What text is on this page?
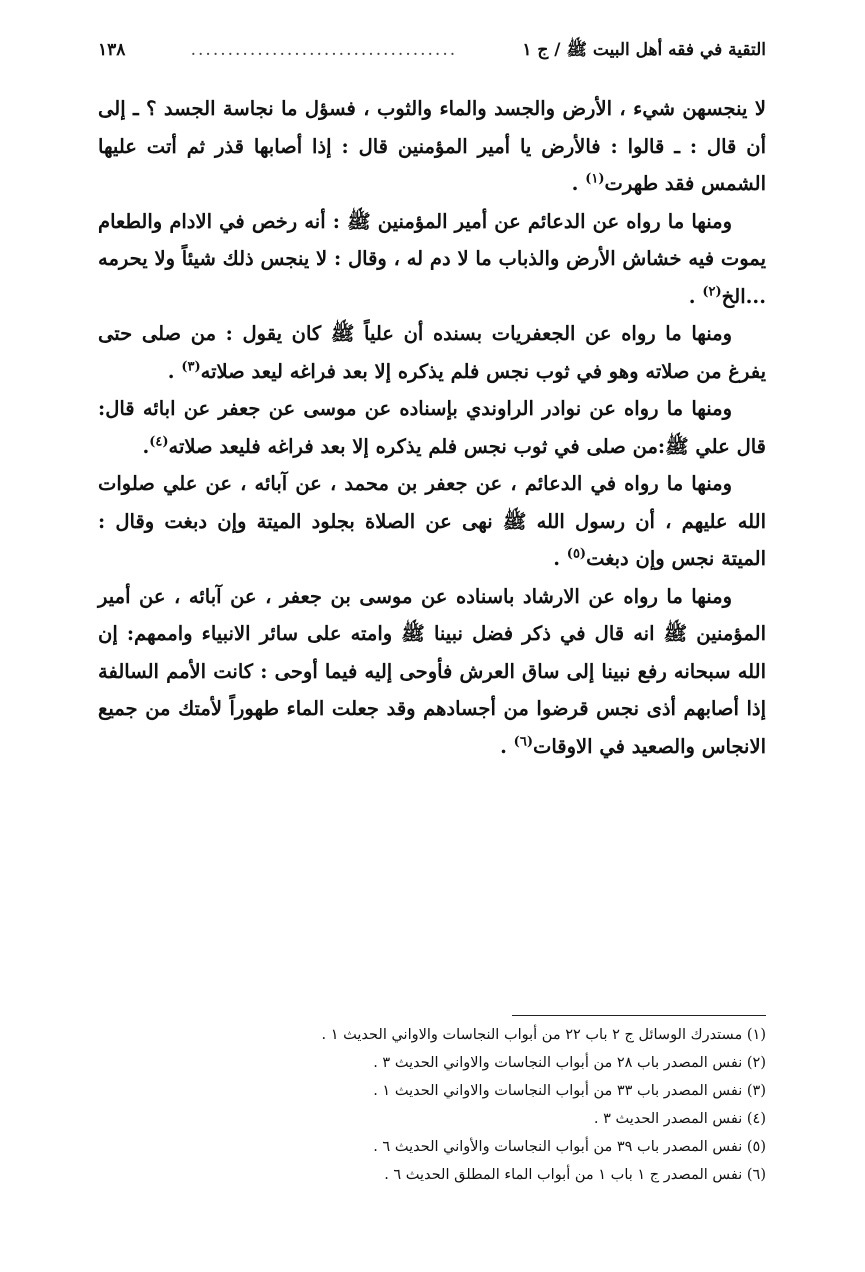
التقية في فقه أهل البيت ﷺ / ج ١
....................................
١٣٨

لا ينجسهن شيء ، الأرض والجسد والماء والثوب ، فسؤل ما نجاسة الجسد ؟ ـ إلى أن قال : ـ قالوا : فالأرض يا أمير المؤمنين قال : إذا أصابها قذر ثم أتت عليها الشمس فقد طهرت$^{(١)}$ .

ومنها ما رواه عن الدعائم عن أمير المؤمنين ﷺ : أنه رخص في الادام والطعام يموت فيه خشاش الأرض والذباب ما لا دم له ، وقال : لا ينجس ذلك شيئاً ولا يحرمه ...الخ$^{(٢)}$ .

ومنها ما رواه عن الجعفريات بسنده أن علياً ﷺ كان يقول : من صلى حتى يفرغ من صلاته وهو في ثوب نجس فلم يذكره إلا بعد فراغه ليعد صلاته$^{(٣)}$ .

ومنها ما رواه عن نوادر الراوندي بإسناده عن موسى عن جعفر عن ابائه قال: قال علي ﷺ:من صلى في ثوب نجس فلم يذكره إلا بعد فراغه فليعد صلاته$^{(٤)}$.

ومنها ما رواه في الدعائم ، عن جعفر بن محمد ، عن آبائه ، عن علي صلوات الله عليهم ، أن رسول الله ﷺ نهى عن الصلاة بجلود الميتة وإن دبغت وقال : الميتة نجس وإن دبغت$^{(٥)}$ .

ومنها ما رواه عن الارشاد باسناده عن موسى بن جعفر ، عن آبائه ، عن أمير المؤمنين ﷺ انه قال في ذكر فضل نبينا ﷺ وامته على سائر الانبياء واممهم: إن الله سبحانه رفع نبينا إلى ساق العرش فأوحى إليه فيما أوحى : كانت الأمم السالفة إذا أصابهم أذى نجس قرضوا من أجسادهم وقد جعلت الماء طهوراً لأمتك من جميع الانجاس والصعيد في الاوقات$^{(٦)}$ .

(١) مستدرك الوسائل ج ٢ باب ٢٢ من أبواب النجاسات والاواني الحديث ١ .
(٢) نفس المصدر باب ٢٨ من أبواب النجاسات والاواني الحديث ٣ .
(٣) نفس المصدر باب ٣٣ من أبواب النجاسات والاواني الحديث ١ .
(٤) نفس المصدر الحديث ٣ .
(٥) نفس المصدر باب ٣٩ من أبواب النجاسات والأواني الحديث ٦ .
(٦) نفس المصدر ج ١ باب ١ من أبواب الماء المطلق الحديث ٦ .
